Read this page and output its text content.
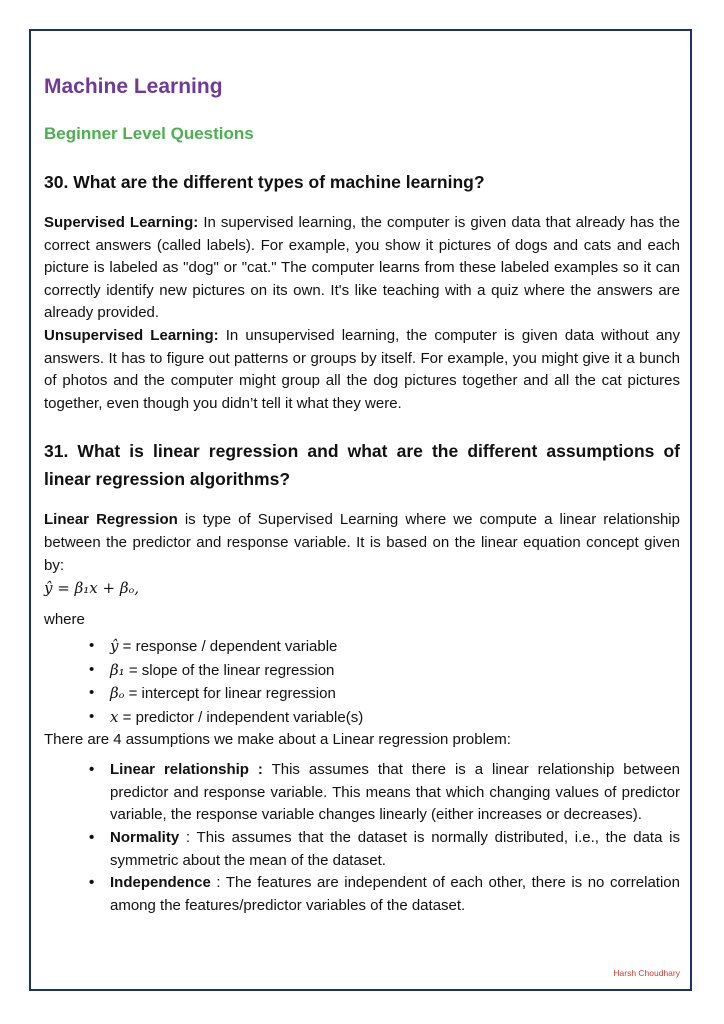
Machine Learning
Beginner Level Questions
30. What are the different types of machine learning?

Supervised Learning: In supervised learning, the computer is given data that already has the correct answers (called labels). For example, you show it pictures of dogs and cats and each picture is labeled as "dog" or "cat." The computer learns from these labeled examples so it can correctly identify new pictures on its own. It's like teaching with a quiz where the answers are already provided.

Unsupervised Learning: In unsupervised learning, the computer is given data without any answers. It has to figure out patterns or groups by itself. For example, you might give it a bunch of photos and the computer might group all the dog pictures together and all the cat pictures together, even though you didn’t tell it what they were.

31. What is linear regression and what are the different assumptions of linear regression algorithms?

Linear Regression is type of Supervised Learning where we compute a linear relationship between the predictor and response variable. It is based on the linear equation concept given by:

ŷ = β₁x + βₒ,
where
• ŷ = response / dependent variable
• β₁ = slope of the linear regression
• βₒ = intercept for linear regression
• x = predictor / independent variable(s)
There are 4 assumptions we make about a Linear regression problem:
• Linear relationship : This assumes that there is a linear relationship between predictor and response variable. This means that which changing values of predictor variable, the response variable changes linearly (either increases or decreases).
• Normality : This assumes that the dataset is normally distributed, i.e., the data is symmetric about the mean of the dataset.
• Independence : The features are independent of each other, there is no correlation among the features/predictor variables of the dataset.
Harsh Choudhary
